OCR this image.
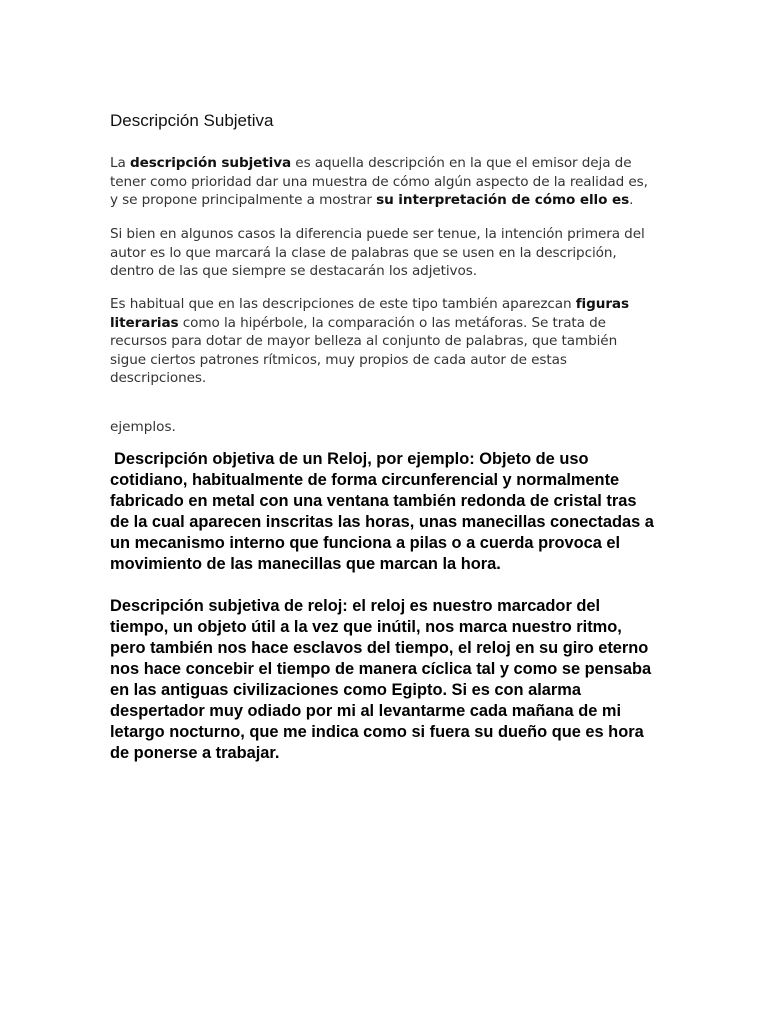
Descripción Subjetiva

La descripción subjetiva es aquella descripción en la que el emisor deja de tener como prioridad dar una muestra de cómo algún aspecto de la realidad es, y se propone principalmente a mostrar su interpretación de cómo ello es.

Si bien en algunos casos la diferencia puede ser tenue, la intención primera del autor es lo que marcará la clase de palabras que se usen en la descripción, dentro de las que siempre se destacarán los adjetivos.

Es habitual que en las descripciones de este tipo también aparezcan figuras literarias como la hipérbole, la comparación o las metáforas. Se trata de recursos para dotar de mayor belleza al conjunto de palabras, que también sigue ciertos patrones rítmicos, muy propios de cada autor de estas descripciones.

ejemplos.

Descripción objetiva de un Reloj, por ejemplo: Objeto de uso cotidiano, habitualmente de forma circunferencial y normalmente fabricado en metal con una ventana también redonda de cristal tras de la cual aparecen inscritas las horas, unas manecillas conectadas a un mecanismo interno que funciona a pilas o a cuerda provoca el movimiento de las manecillas que marcan la hora.

Descripción subjetiva de reloj: el reloj es nuestro marcador del tiempo, un objeto útil a la vez que inútil, nos marca nuestro ritmo, pero también nos hace esclavos del tiempo, el reloj en su giro eterno nos hace concebir el tiempo de manera cíclica tal y como se pensaba en las antiguas civilizaciones como Egipto. Si es con alarma despertador muy odiado por mi al levantarme cada mañana de mi letargo nocturno, que me indica como si fuera su dueño que es hora de ponerse a trabajar.
